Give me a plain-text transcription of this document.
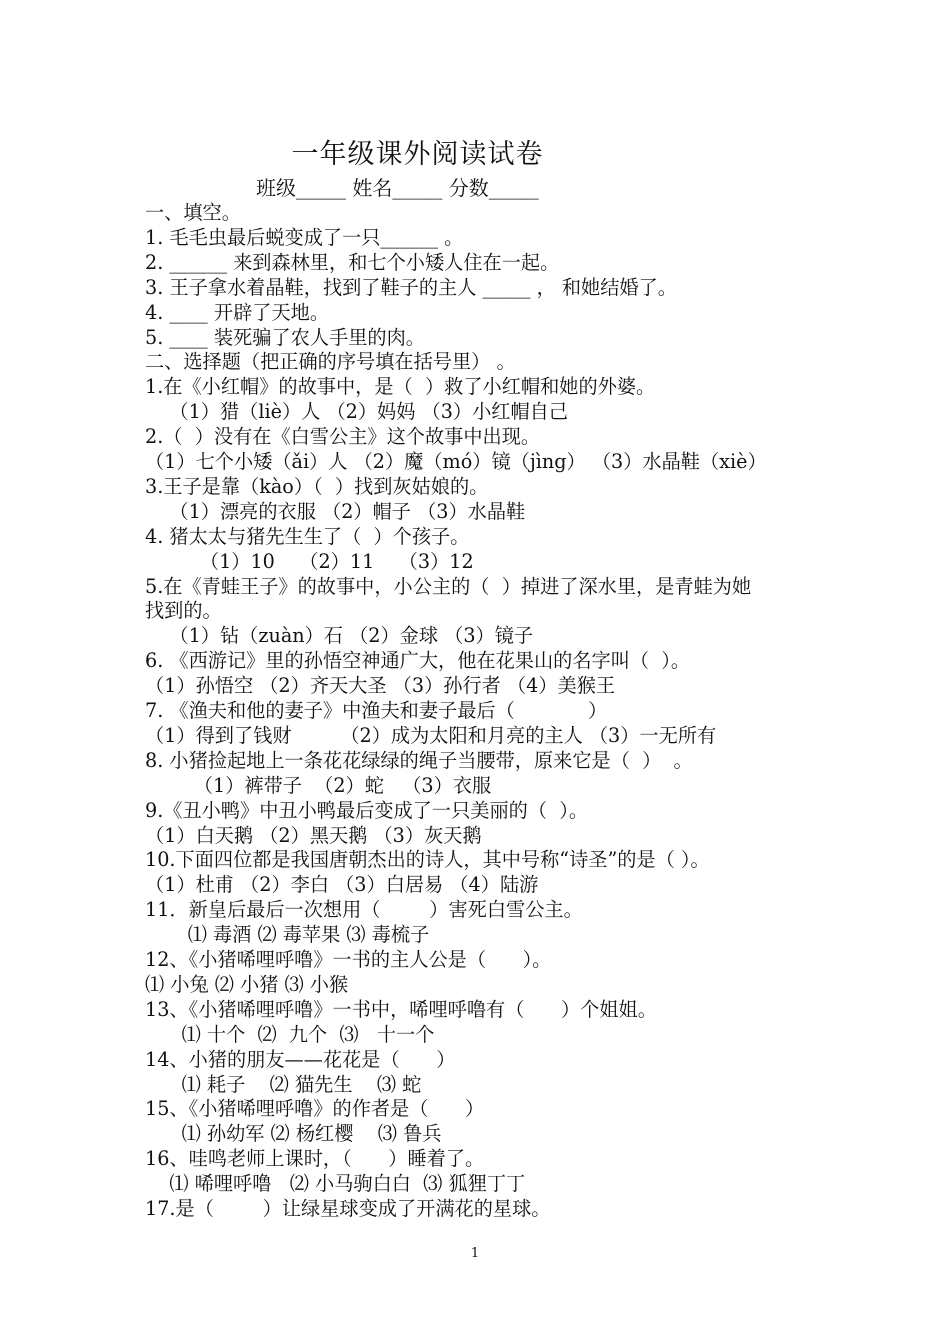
一年级课外阅读试卷
班级_____ 姓名_____ 分数_____
一、填空。
1. 毛毛虫最后蜕变成了一只______ 。
2. ______ 来到森林里，和七个小矮人住在一起。
3. 王子拿水着晶鞋，找到了鞋子的主人 _____ ， 和她结婚了。
4. ____ 开辟了天地。
5. ____ 装死骗了农人手里的肉。
二、选择题（把正确的序号填在括号里） 。
1.在《小红帽》的故事中，是（  ）救了小红帽和她的外婆。
（1）猎（liè）人 （2）妈妈 （3）小红帽自己
2.（  ）没有在《白雪公主》这个故事中出现。
（1）七个小矮（ǎi）人 （2）魔（mó）镜（jìng） （3）水晶鞋（xiè）
3.王子是靠（kào）（  ）找到灰姑娘的。
（1）漂亮的衣服 （2）帽子 （3）水晶鞋
4. 猪太太与猪先生生了（  ）个孩子。
（1）10    （2）11    （3）12
5.在《青蛙王子》的故事中，小公主的（  ）掉进了深水里，是青蛙为她
找到的。
（1）钻（zuàn）石 （2）金球 （3）镜子
6. 《西游记》里的孙悟空神通广大，他在花果山的名字叫（  ）。
（1）孙悟空 （2）齐天大圣 （3）孙行者 （4）美猴王
7. 《渔夫和他的妻子》中渔夫和妻子最后（            ）
（1）得到了钱财        （2）成为太阳和月亮的主人 （3）一无所有
8. 小猪捡起地上一条花花绿绿的绳子当腰带，原来它是（  ）  。
（1）裤带子  （2）蛇   （3）衣服
9.《丑小鸭》中丑小鸭最后变成了一只美丽的（  ）。
（1）白天鹅 （2）黑天鹅 （3）灰天鹅
10.下面四位都是我国唐朝杰出的诗人，其中号称“诗圣”的是（ ）。
（1）杜甫 （2）李白 （3）白居易 （4）陆游
11．新皇后最后一次想用（        ）害死白雪公主。
⑴ 毒酒 ⑵ 毒苹果 ⑶ 毒梳子
12、《小猪唏哩呼噜》一书的主人公是（      ）。
⑴ 小兔 ⑵ 小猪 ⑶ 小猴
13、《小猪唏哩呼噜》一书中，唏哩呼噜有（      ）个姐姐。
⑴ 十个  ⑵  九个  ⑶   十一个
14、小猪的朋友——花花是（      ）
⑴ 耗子    ⑵ 猫先生    ⑶ 蛇
15、《小猪唏哩呼噜》的作者是（      ）
⑴ 孙幼军 ⑵ 杨红樱    ⑶ 鲁兵
16、哇鸣老师上课时，（      ）睡着了。
⑴ 唏哩呼噜   ⑵ 小马驹白白  ⑶ 狐狸丁丁
17.是（        ）让绿星球变成了开满花的星球。
1
